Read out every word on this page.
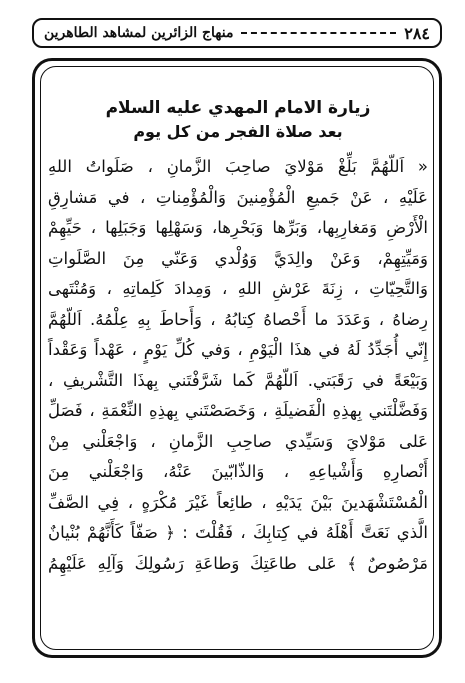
٢٨٤
منهاج الزائرين لمشاهد الطاهرين
زيارة الامام المهدي عليه السلام
بعد صلاة الفجر من كل يوم

« اَللّهُمَّ بَلِّغْ مَوْلايَ صاحِبَ الزَّمانِ ، صَلَواتُ اللهِ

عَلَيْهِ ، عَنْ جَميعِ الْمُؤْمِنينَ وَالْمُؤْمِناتِ ، في مَشارِقِ

الْأَرْضِ وَمَغارِبِها، وَبَرِّها وَبَحْرِها، وَسَهْلِها وَجَبَلِها ، حَيِّهِمْ

وَمَيِّتِهِمْ، وَعَنْ والِدَيَّ وَوُلْدي وَعَنّي مِنَ الصَّلَواتِ

وَالتَّحِيّاتِ ، زِنَةَ عَرْشِ اللهِ ، وَمِدادَ كَلِماتِهِ ، وَمُنْتَهى

رِضاهُ ، وَعَدَدَ ما أَحْصاهُ كِتابُهُ ، وَأَحاطَ بِهِ عِلْمُهُ. اَللّهُمَّ

إِنّي أُجَدِّدُ لَهُ في هذَا الْيَوْمِ ، وَفي كُلِّ يَوْمٍ ، عَهْداً وَعَقْداً

وَبَيْعَةً في رَقَبَتي. اَللّهُمَّ كَما شَرَّفْتَني بِهذَا التَّشْريفِ ،

وَفَضَّلْتَني بِهذِهِ الْفَضيلَةِ ، وَخَصَصْتَني بِهذِهِ النِّعْمَةِ ، فَصَلِّ

عَلى مَوْلايَ وَسَيِّدي صاحِبِ الزَّمانِ ، وَاجْعَلْني مِنْ

أَنْصارِهِ وَأَشْياعِهِ ، وَالذّابّينَ عَنْهُ، وَاجْعَلْني مِنَ

الْمُسْتَشْهَدينَ بَيْنَ يَدَيْهِ ، طائِعاً غَيْرَ مُكْرَهٍ ، فِي الصَّفِّ

الَّذي نَعَتَّ أَهْلَهُ في كِتابِكَ ، فَقُلْتَ : ﴿ صَفّاً كَأَنَّهُمْ بُنْيانٌ

مَرْصُوصٌ ﴾ عَلى طاعَتِكَ وَطاعَةِ رَسُولِكَ وَآلِهِ عَلَيْهِمُ
